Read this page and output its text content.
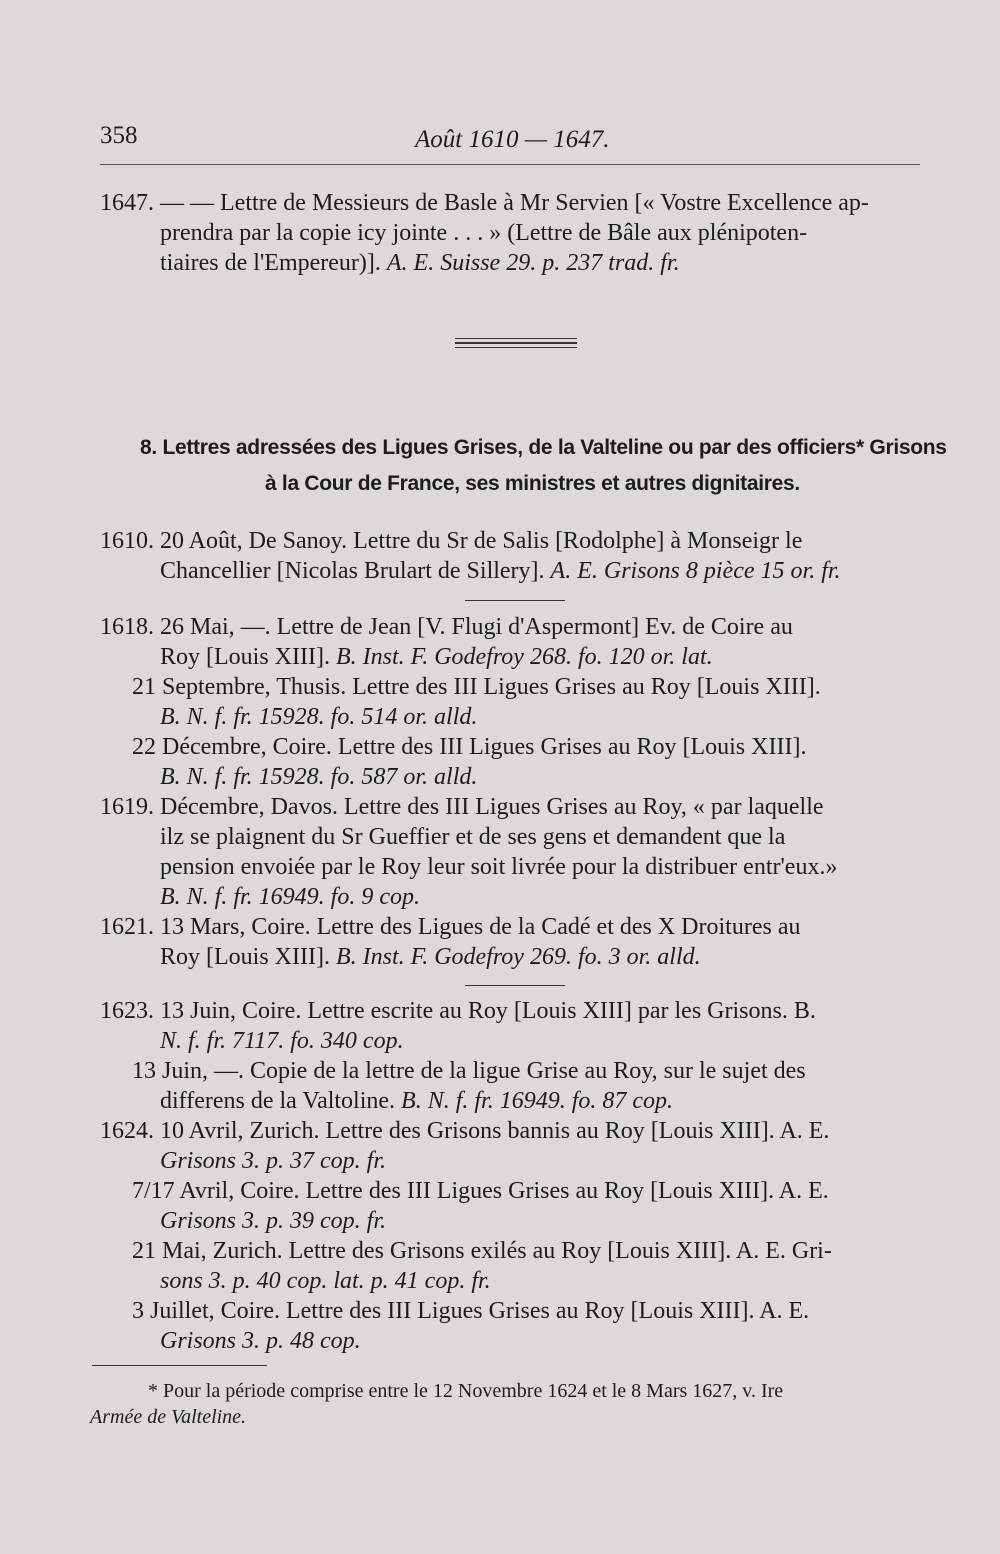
358	Août 1610 — 1647.
1647. — — Lettre de Messieurs de Basle à Mr Servien [« Vostre Excellence ap-
prendra par la copie icy jointe . . . » (Lettre de Bâle aux plénipoten-
tiaires de l'Empereur)]. A. E. Suisse 29. p. 237 trad. fr.
8. Lettres adressées des Ligues Grises, de la Valteline ou par des officiers* Grisons
à la Cour de France, ses ministres et autres dignitaires.
1610. 20 Août, De Sanoy. Lettre du Sr de Salis [Rodolphe] à Monseigr le
Chancellier [Nicolas Brulart de Sillery]. A. E. Grisons 8 pièce 15 or. fr.
1618. 26 Mai, —. Lettre de Jean [V. Flugi d'Aspermont] Ev. de Coire au
Roy [Louis XIII]. B. Inst. F. Godefroy 268. fo. 120 or. lat.
21 Septembre, Thusis. Lettre des III Ligues Grises au Roy [Louis XIII].
B. N. f. fr. 15928. fo. 514 or. alld.
22 Décembre, Coire. Lettre des III Ligues Grises au Roy [Louis XIII].
B. N. f. fr. 15928. fo. 587 or. alld.
1619. Décembre, Davos. Lettre des III Ligues Grises au Roy, « par laquelle
ilz se plaignent du Sr Gueffier et de ses gens et demandent que la
pension envoiée par le Roy leur soit livrée pour la distribuer entr'eux.»
B. N. f. fr. 16949. fo. 9 cop.
1621. 13 Mars, Coire. Lettre des Ligues de la Cadé et des X Droitures au
Roy [Louis XIII]. B. Inst. F. Godefroy 269. fo. 3 or. alld.
1623. 13 Juin, Coire. Lettre escrite au Roy [Louis XIII] par les Grisons. B.
N. f. fr. 7117. fo. 340 cop.
13 Juin, —. Copie de la lettre de la ligue Grise au Roy, sur le sujet des
differens de la Valtoline. B. N. f. fr. 16949. fo. 87 cop.
1624. 10 Avril, Zurich. Lettre des Grisons bannis au Roy [Louis XIII]. A. E.
Grisons 3. p. 37 cop. fr.
7/17 Avril, Coire. Lettre des III Ligues Grises au Roy [Louis XIII]. A. E.
Grisons 3. p. 39 cop. fr.
21 Mai, Zurich. Lettre des Grisons exilés au Roy [Louis XIII]. A. E. Gri-
sons 3. p. 40 cop. lat. p. 41 cop. fr.
3 Juillet, Coire. Lettre des III Ligues Grises au Roy [Louis XIII]. A. E.
Grisons 3. p. 48 cop.
* Pour la période comprise entre le 12 Novembre 1624 et le 8 Mars 1627, v. Ire
Armée de Valteline.
